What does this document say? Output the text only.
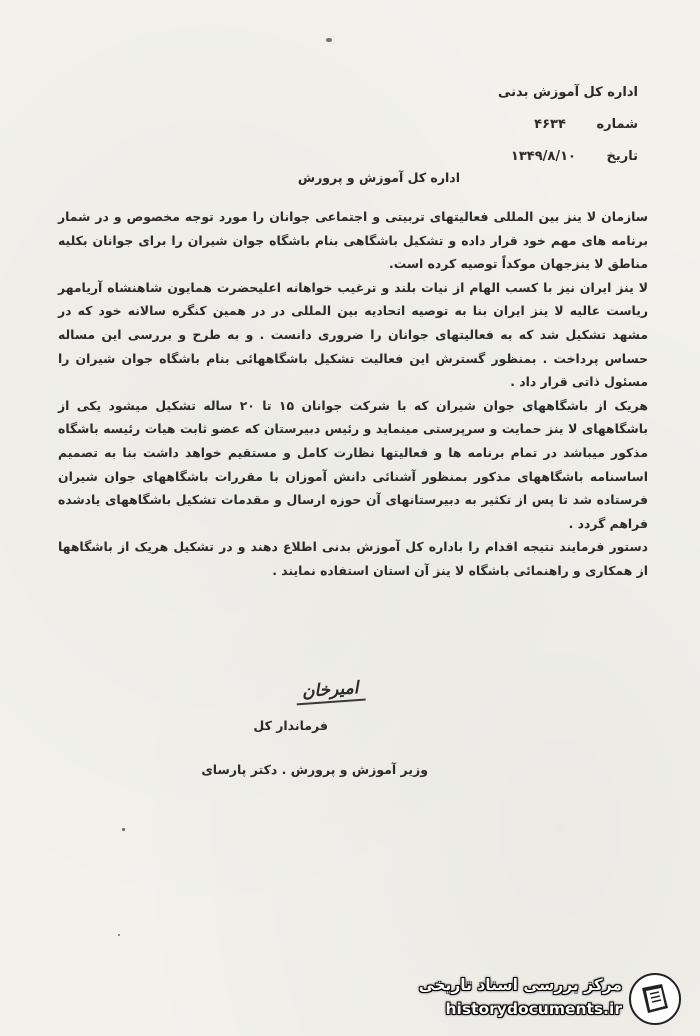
اداره کل آموزش بدنی
شماره ۴۶۳۴
تاریخ ۱۳۴۹/۸/۱۰
اداره کل آموزش و پرورش

سازمان لا ینز بین المللی فعالیتهای تربیتی و اجتماعی جوانان را مورد توجه مخصوص و در شمار برنامه های مهم خود قرار داده و تشکیل باشگاهی بنام باشگاه جوان شیران را برای جوانان بکلیه مناطق لا ینزجهان موکداً توصیه کرده است.

لا ینز ایران نیز با کسب الهام از نیات بلند و ترغیب خواهانه اعلیحضرت همایون شاهنشاه آریامهر ریاست عالیه لا ینز ایران بنا به توصیه اتحادیه بین المللی در در همین کنگره سالانه خود که در مشهد تشکیل شد که به فعالیتهای جوانان را ضروری دانست . و به طرح و بررسی این مساله حساس پرداخت . بمنظور گسترش این فعالیت تشکیل باشگاههائی بنام باشگاه جوان شیران را مسئول ذاتی قرار داد .

هریک از باشگاههای جوان شیران که با شرکت جوانان ۱۵ تا ۲۰ ساله تشکیل میشود یکی از باشگاههای لا ینز حمایت و سرپرستی مینماید و رئیس دبیرستان که عضو ثابت هیات رئیسه باشگاه مذکور میباشد در تمام برنامه ها و فعالیتها نظارت کامل و مستقیم خواهد داشت بنا به تصمیم اساسنامه باشگاههای مذکور بمنظور آشنائی دانش آموزان با مقررات باشگاههای جوان شیران فرستاده شد تا پس از تکثیر به دبیرستانهای آن حوزه ارسال و مقدمات تشکیل باشگاههای یادشده فراهم گردد .

دستور فرمایند نتیجه اقدام را باداره کل آموزش بدنی اطلاع دهند و در تشکیل هریک از باشگاهها از همکاری و راهنمائی باشگاه لا ینز آن استان استفاده نمایند .

امیرخان
فرماندار کل
وزیر آموزش و پرورش . دکتر پارسای
مرکز بررسی اسناد تاریخی
historydocuments.ir
